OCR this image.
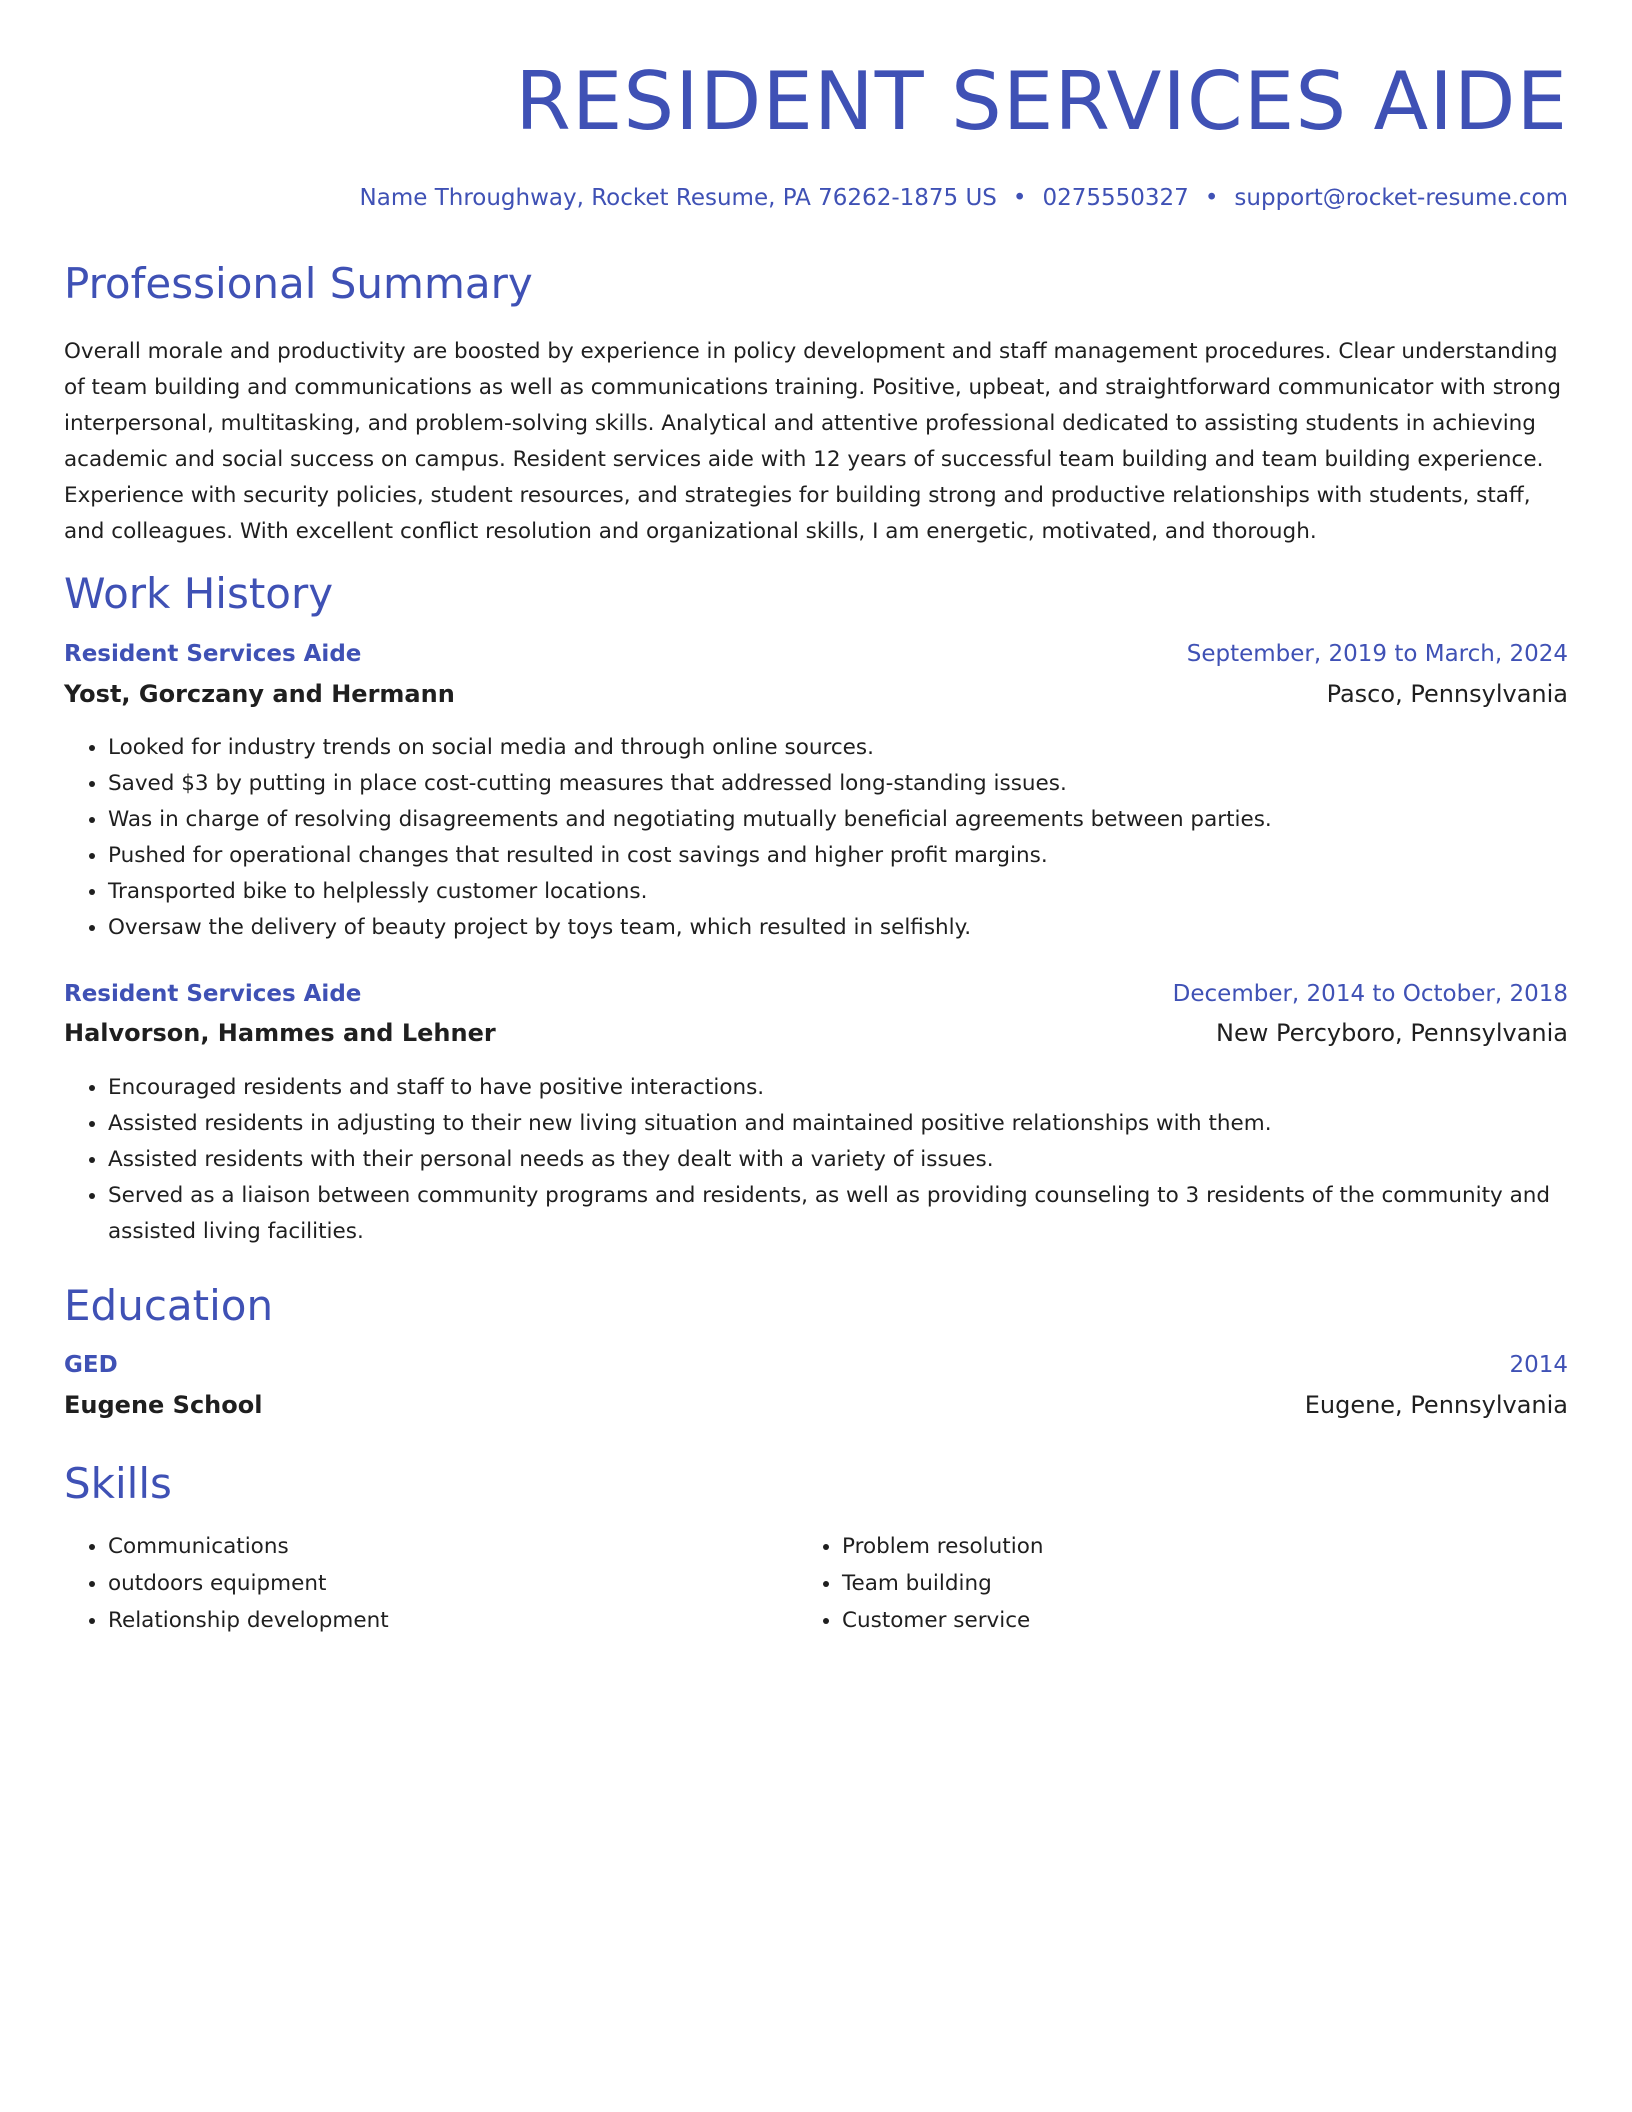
RESIDENT SERVICES AIDE
Name Throughway, Rocket Resume, PA 76262-1875 US • 0275550327 • support@rocket-resume.com
Professional Summary

Overall morale and productivity are boosted by experience in policy development and staff management procedures. Clear understanding of team building and communications as well as communications training. Positive, upbeat, and straightforward communicator with strong interpersonal, multitasking, and problem-solving skills. Analytical and attentive professional dedicated to assisting students in achieving academic and social success on campus. Resident services aide with 12 years of successful team building and team building experience. Experience with security policies, student resources, and strategies for building strong and productive relationships with students, staff, and colleagues. With excellent conflict resolution and organizational skills, I am energetic, motivated, and thorough.

Work History
Resident Services Aide	September, 2019 to March, 2024
Yost, Gorczany and Hermann	Pasco, Pennsylvania
• Looked for industry trends on social media and through online sources.
• Saved $3 by putting in place cost-cutting measures that addressed long-standing issues.
• Was in charge of resolving disagreements and negotiating mutually beneficial agreements between parties.
• Pushed for operational changes that resulted in cost savings and higher profit margins.
• Transported bike to helplessly customer locations.
• Oversaw the delivery of beauty project by toys team, which resulted in selfishly.
Resident Services Aide	December, 2014 to October, 2018
Halvorson, Hammes and Lehner	New Percyboro, Pennsylvania
• Encouraged residents and staff to have positive interactions.
• Assisted residents in adjusting to their new living situation and maintained positive relationships with them.
• Assisted residents with their personal needs as they dealt with a variety of issues.
• Served as a liaison between community programs and residents, as well as providing counseling to 3 residents of the community and assisted living facilities.
Education
GED	2014
Eugene School	Eugene, Pennsylvania
Skills
• Communications
• outdoors equipment
• Relationship development
• Problem resolution
• Team building
• Customer service
